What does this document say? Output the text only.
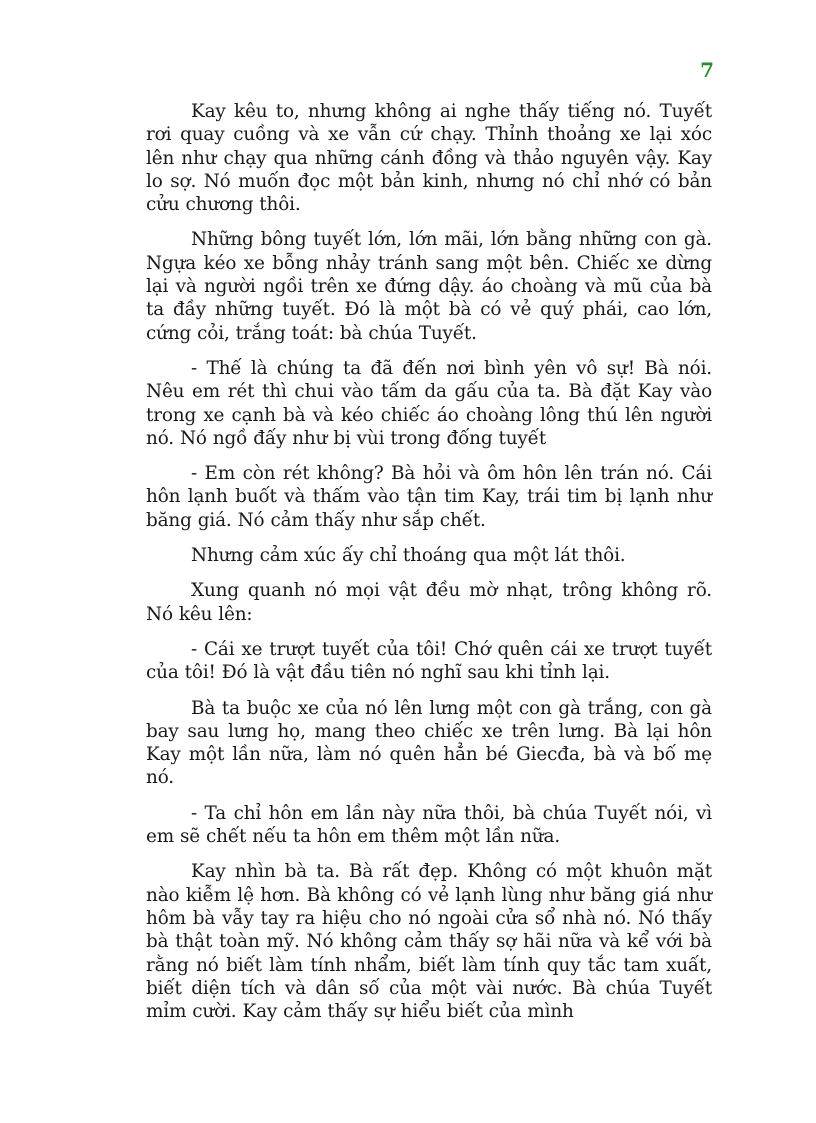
7

Kay kêu to, nhưng không ai nghe thấy tiếng nó. Tuyết rơi quay cuồng và xe vẫn cứ chạy. Thỉnh thoảng xe lại xóc lên như chạy qua những cánh đồng và thảo nguyên vậy. Kay lo sợ. Nó muốn đọc một bản kinh, nhưng nó chỉ nhớ có bản cửu chương thôi.

Những bông tuyết lớn, lớn mãi, lớn bằng những con gà. Ngựa kéo xe bỗng nhảy tránh sang một bên. Chiếc xe dừng lại và người ngồi trên xe đứng dậy. áo choàng và mũ của bà ta đầy những tuyết. Đó là một bà có vẻ quý phái, cao lớn, cứng cỏi, trắng toát: bà chúa Tuyết.

- Thế là chúng ta đã đến nơi bình yên vô sự! Bà nói. Nêu em rét thì chui vào tấm da gấu của ta. Bà đặt Kay vào trong xe cạnh bà và kéo chiếc áo choàng lông thú lên người nó. Nó ngồ đấy như bị vùi trong đống tuyết

- Em còn rét không? Bà hỏi và ôm hôn lên trán nó. Cái hôn lạnh buốt và thấm vào tận tim Kay, trái tim bị lạnh như băng giá. Nó cảm thấy như sắp chết.

Nhưng cảm xúc ấy chỉ thoáng qua một lát thôi.

Xung quanh nó mọi vật đều mờ nhạt, trông không rõ. Nó kêu lên:

- Cái xe trượt tuyết của tôi! Chớ quên cái xe trượt tuyết của tôi! Đó là vật đầu tiên nó nghĩ sau khi tỉnh lại.

Bà ta buộc xe của nó lên lưng một con gà trắng, con gà bay sau lưng họ, mang theo chiếc xe trên lưng. Bà lại hôn Kay một lần nữa, làm nó quên hẳn bé Giecđa, bà và bố mẹ nó.

- Ta chỉ hôn em lần này nữa thôi, bà chúa Tuyết nói, vì em sẽ chết nếu ta hôn em thêm một lần nữa.

Kay nhìn bà ta. Bà rất đẹp. Không có một khuôn mặt nào kiễm lệ hơn. Bà không có vẻ lạnh lùng như băng giá như hôm bà vẫy tay ra hiệu cho nó ngoài cửa sổ nhà nó. Nó thấy bà thật toàn mỹ. Nó không cảm thấy sợ hãi nữa và kể với bà rằng nó biết làm tính nhẩm, biết làm tính quy tắc tam xuất, biết diện tích và dân số của một vài nước. Bà chúa Tuyết mỉm cười. Kay cảm thấy sự hiểu biết của mình
